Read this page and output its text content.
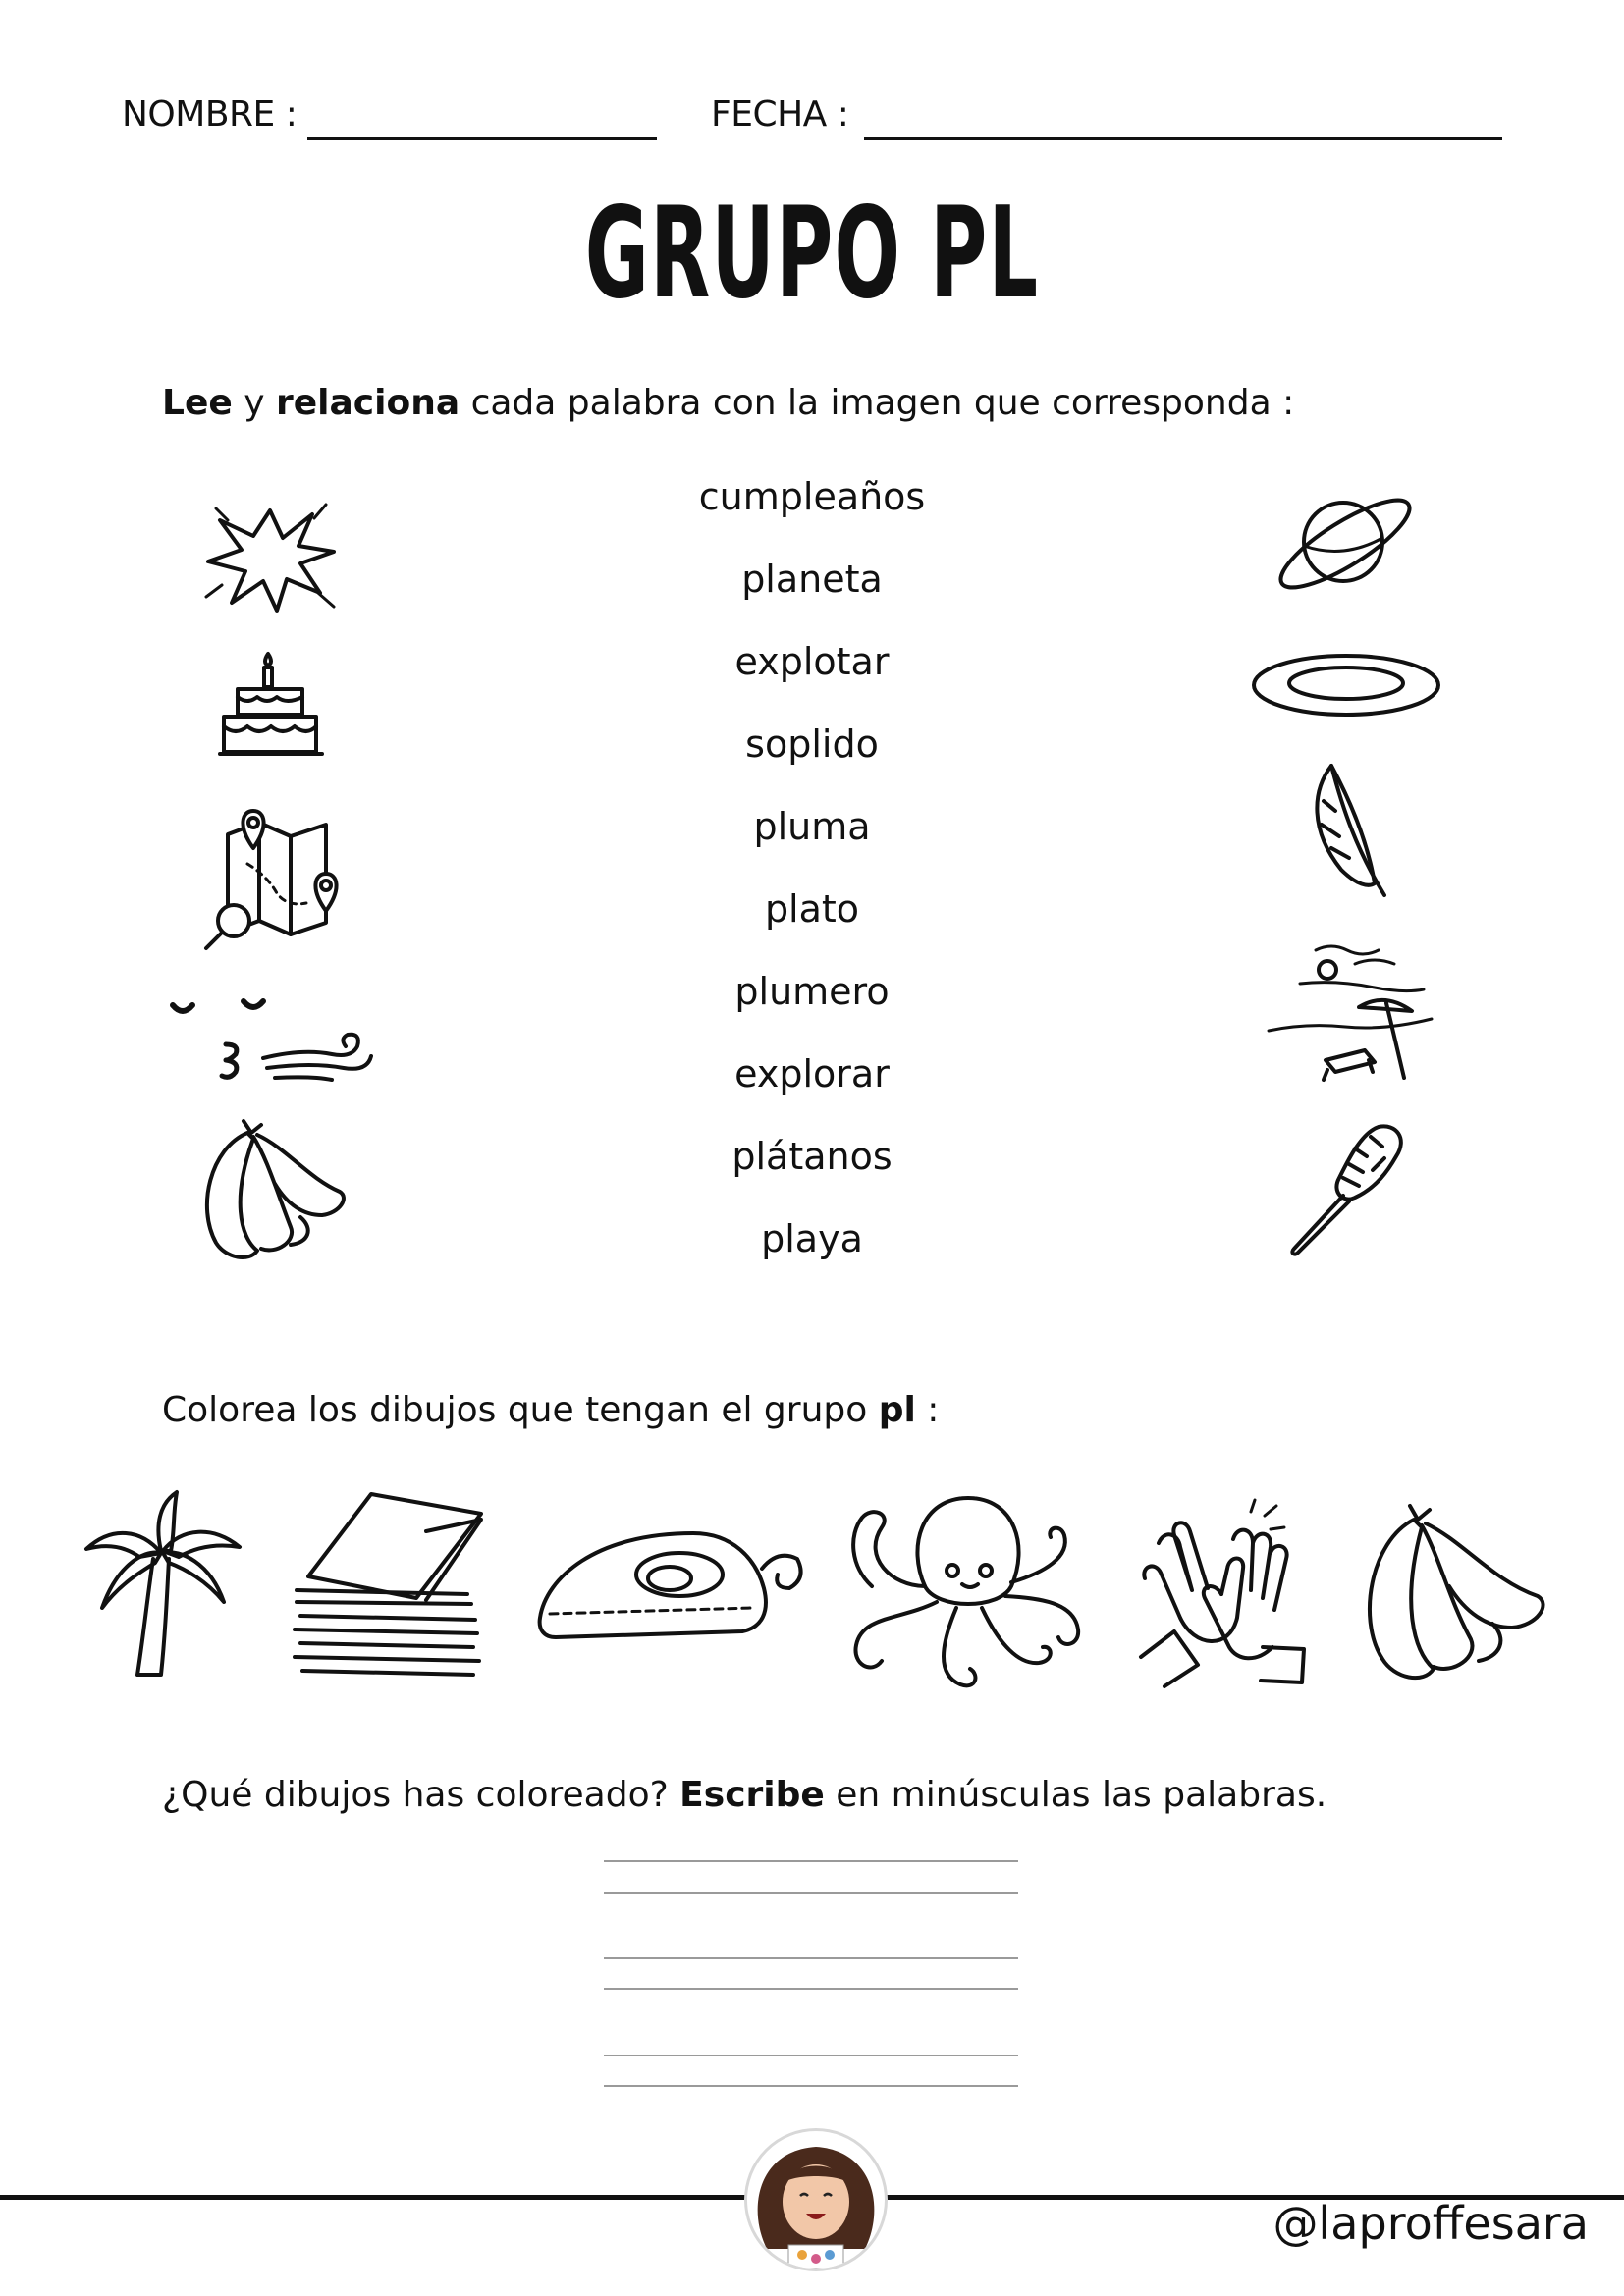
NOMBRE :	FECHA :
GRUPO PL
Lee y relaciona cada palabra con la imagen que corresponda :
cumpleaños
planeta
explotar
soplido
pluma
plato
plumero
explorar
plátanos
playa
Colorea los dibujos que tengan el grupo pl :
¿Qué dibujos has coloreado? Escribe en minúsculas las palabras.
@laproffesara
